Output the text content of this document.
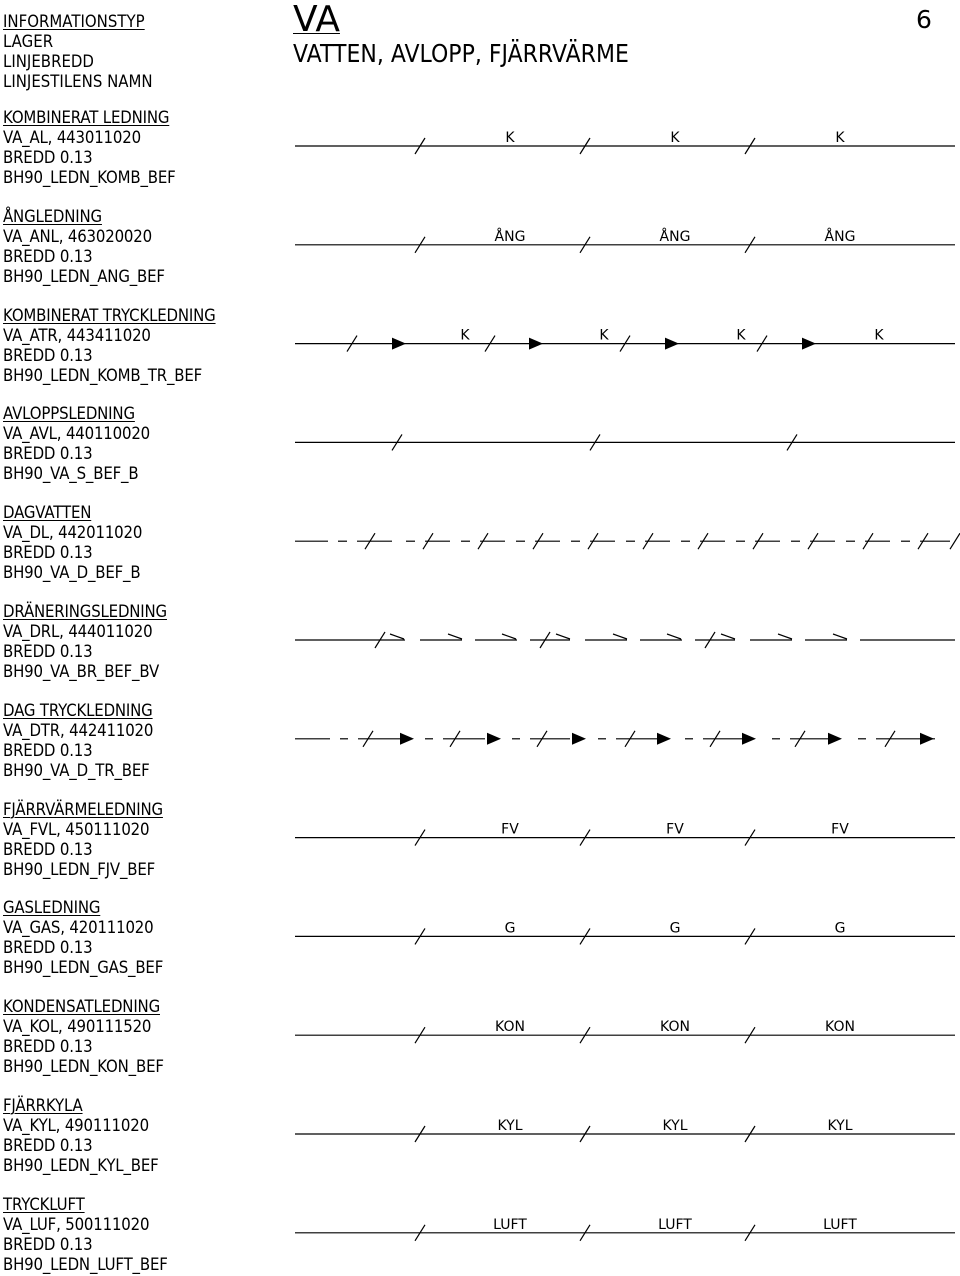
INFORMATIONSTYP
LAGER
LINJEBREDD
LINJESTILENS NAMN
VA
VATTEN, AVLOPP, FJÄRRVÄRME
6
KOMBINERAT LEDNING
VA_AL, 443011020
BREDD 0.13
BH90_LEDN_KOMB_BEF
ÅNGLEDNING
VA_ANL, 463020020
BREDD 0.13
BH90_LEDN_ANG_BEF
KOMBINERAT TRYCKLEDNING
VA_ATR, 443411020
BREDD 0.13
BH90_LEDN_KOMB_TR_BEF
AVLOPPSLEDNING
VA_AVL, 440110020
BREDD 0.13
BH90_VA_S_BEF_B
DAGVATTEN
VA_DL, 442011020
BREDD 0.13
BH90_VA_D_BEF_B
DRÄNERINGSLEDNING
VA_DRL, 444011020
BREDD 0.13
BH90_VA_BR_BEF_BV
DAG TRYCKLEDNING
VA_DTR, 442411020
BREDD 0.13
BH90_VA_D_TR_BEF
FJÄRRVÄRMELEDNING
VA_FVL, 450111020
BREDD 0.13
BH90_LEDN_FJV_BEF
GASLEDNING
VA_GAS, 420111020
BREDD 0.13
BH90_LEDN_GAS_BEF
KONDENSATLEDNING
VA_KOL, 490111520
BREDD 0.13
BH90_LEDN_KON_BEF
FJÄRRKYLA
VA_KYL, 490111020
BREDD 0.13
BH90_LEDN_KYL_BEF
TRYCKLUFT
VA_LUF, 500111020
BREDD 0.13
BH90_LEDN_LUFT_BEF
K	K	K
ÅNG	ÅNG	ÅNG
K	K	K	K
FV	FV	FV
G	G	G
KON	KON	KON
KYL	KYL	KYL
LUFT	LUFT	LUFT
